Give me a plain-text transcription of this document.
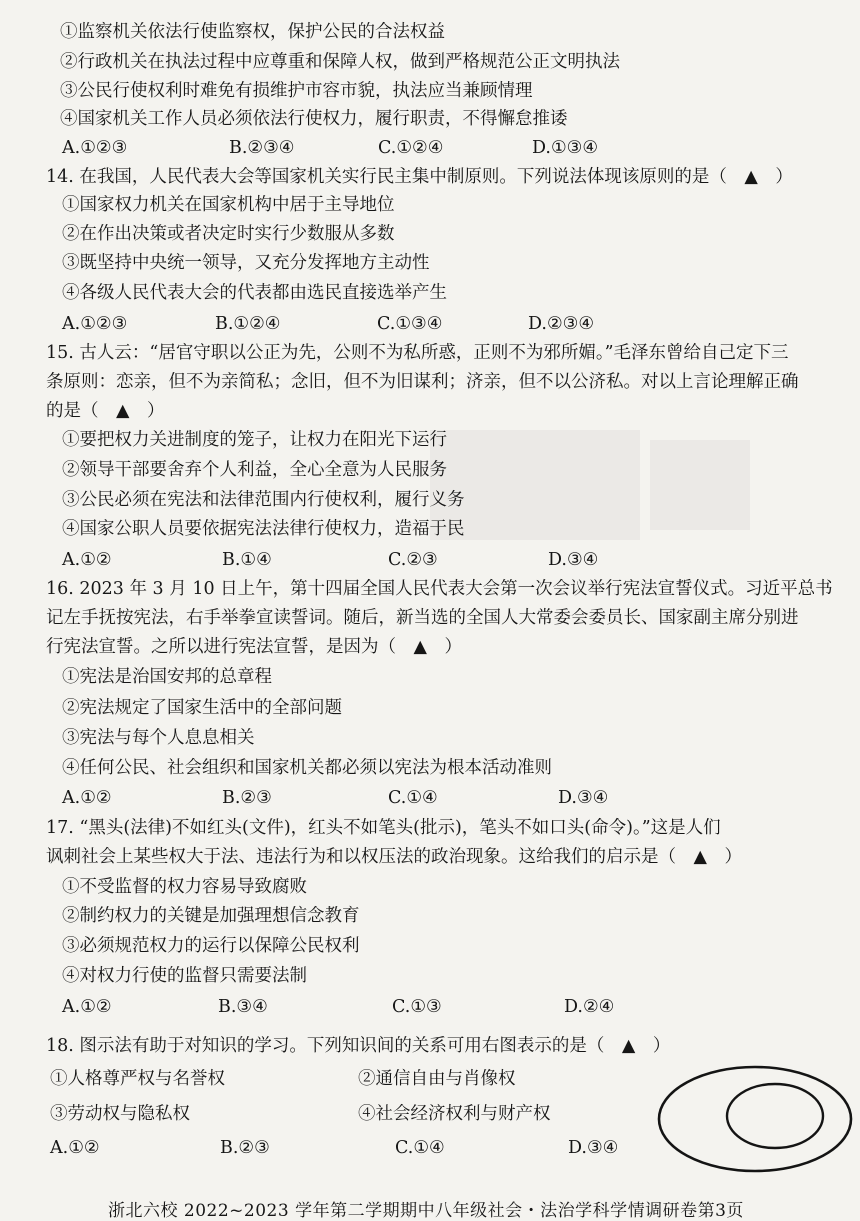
①监察机关依法行使监察权，保护公民的合法权益
②行政机关在执法过程中应尊重和保障人权，做到严格规范公正文明执法
③公民行使权利时难免有损维护市容市貌，执法应当兼顾情理
④国家机关工作人员必须依法行使权力，履行职责，不得懈怠推诿
A.①②③	B.②③④	C.①②④	D.①③④
14. 在我国，人民代表大会等国家机关实行民主集中制原则。下列说法体现该原则的是（　▲　）
①国家权力机关在国家机构中居于主导地位
②在作出决策或者决定时实行少数服从多数
③既坚持中央统一领导，又充分发挥地方主动性
④各级人民代表大会的代表都由选民直接选举产生
A.①②③	B.①②④	C.①③④	D.②③④
15. 古人云：“居官守职以公正为先，公则不为私所惑，正则不为邪所媚。”毛泽东曾给自己定下三
条原则：恋亲，但不为亲简私；念旧，但不为旧谋利；济亲，但不以公济私。对以上言论理解正确
的是（　▲　）
①要把权力关进制度的笼子，让权力在阳光下运行
②领导干部要舍弃个人利益，全心全意为人民服务
③公民必须在宪法和法律范围内行使权利，履行义务
④国家公职人员要依据宪法法律行使权力，造福于民
A.①②	B.①④	C.②③	D.③④
16. 2023 年 3 月 10 日上午，第十四届全国人民代表大会第一次会议举行宪法宣誓仪式。习近平总书
记左手抚按宪法，右手举拳宣读誓词。随后，新当选的全国人大常委会委员长、国家副主席分别进
行宪法宣誓。之所以进行宪法宣誓，是因为（　▲　）
①宪法是治国安邦的总章程
②宪法规定了国家生活中的全部问题
③宪法与每个人息息相关
④任何公民、社会组织和国家机关都必须以宪法为根本活动准则
A.①②	B.②③	C.①④	D.③④
17. “黑头(法律)不如红头(文件)，红头不如笔头(批示)，笔头不如口头(命令)。”这是人们
讽刺社会上某些权大于法、违法行为和以权压法的政治现象。这给我们的启示是（　▲　）
①不受监督的权力容易导致腐败
②制约权力的关键是加强理想信念教育
③必须规范权力的运行以保障公民权利
④对权力行使的监督只需要法制
A.①②	B.③④	C.①③	D.②④
18. 图示法有助于对知识的学习。下列知识间的关系可用右图表示的是（　▲　）
①人格尊严权与名誉权	②通信自由与肖像权
③劳动权与隐私权	④社会经济权利与财产权
A.①②	B.②③	C.①④	D.③④
浙北六校 2022~2023 学年第二学期期中八年级社会・法治学科学情调研卷第3页
